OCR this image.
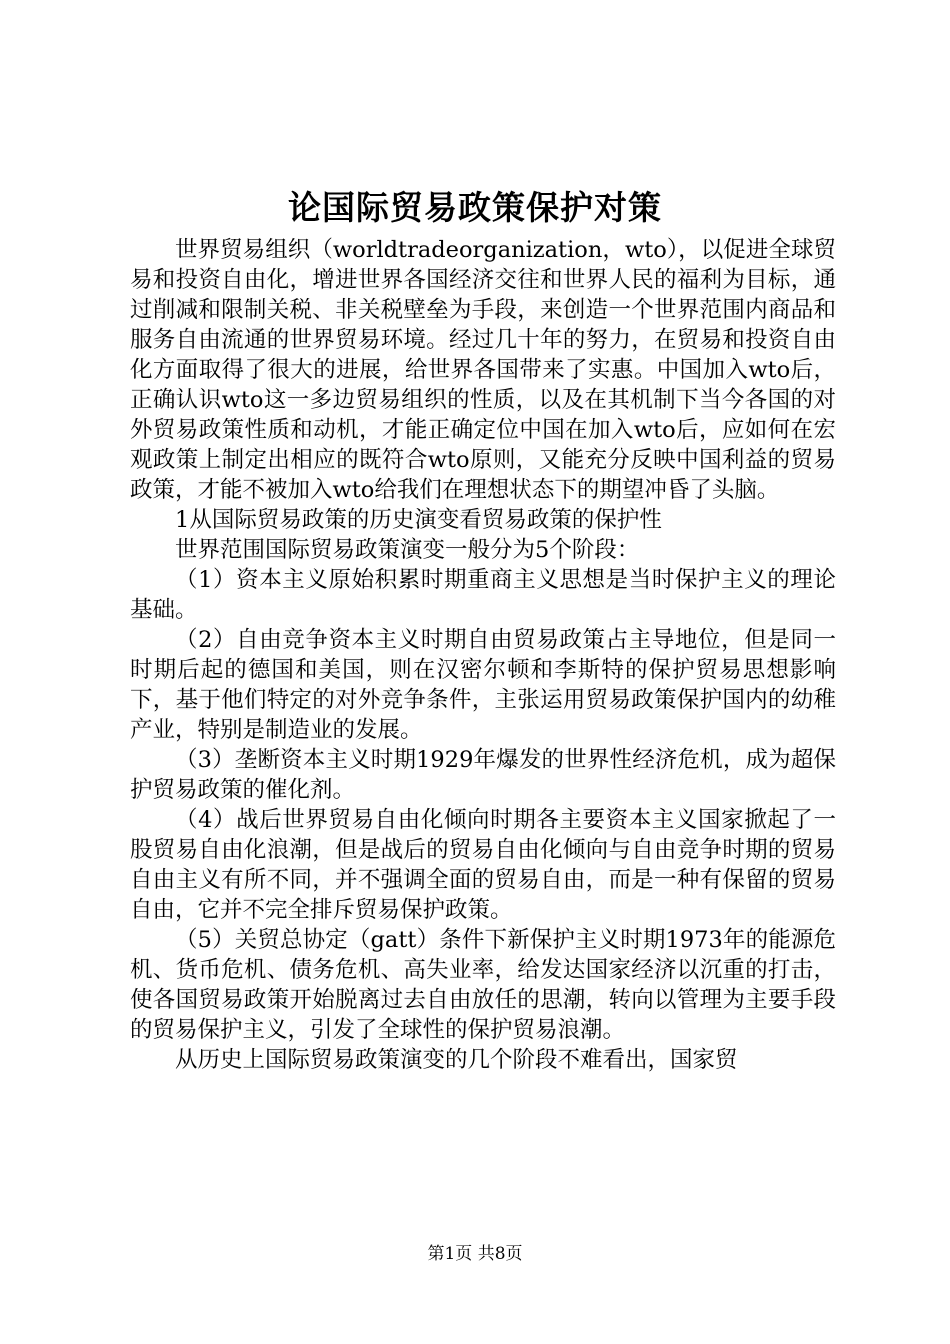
论国际贸易政策保护对策

世界贸易组织（worldtradeorganization，wto），以促进全球贸易和投资自由化，增进世界各国经济交往和世界人民的福利为目标，通过削减和限制关税、非关税壁垒为手段，来创造一个世界范围内商品和服务自由流通的世界贸易环境。经过几十年的努力，在贸易和投资自由化方面取得了很大的进展，给世界各国带来了实惠。中国加入wto后，正确认识wto这一多边贸易组织的性质，以及在其机制下当今各国的对外贸易政策性质和动机，才能正确定位中国在加入wto后，应如何在宏观政策上制定出相应的既符合wto原则，又能充分反映中国利益的贸易政策，才能不被加入wto给我们在理想状态下的期望冲昏了头脑。

1从国际贸易政策的历史演变看贸易政策的保护性

世界范围国际贸易政策演变一般分为5个阶段：

（1）资本主义原始积累时期重商主义思想是当时保护主义的理论基础。

（2）自由竞争资本主义时期自由贸易政策占主导地位，但是同一时期后起的德国和美国，则在汉密尔顿和李斯特的保护贸易思想影响下，基于他们特定的对外竞争条件，主张运用贸易政策保护国内的幼稚产业，特别是制造业的发展。

（3）垄断资本主义时期1929年爆发的世界性经济危机，成为超保护贸易政策的催化剂。

（4）战后世界贸易自由化倾向时期各主要资本主义国家掀起了一股贸易自由化浪潮，但是战后的贸易自由化倾向与自由竞争时期的贸易自由主义有所不同，并不强调全面的贸易自由，而是一种有保留的贸易自由，它并不完全排斥贸易保护政策。

（5）关贸总协定（gatt）条件下新保护主义时期1973年的能源危机、货币危机、债务危机、高失业率，给发达国家经济以沉重的打击，使各国贸易政策开始脱离过去自由放任的思潮，转向以管理为主要手段的贸易保护主义，引发了全球性的保护贸易浪潮。

从历史上国际贸易政策演变的几个阶段不难看出，国家贸

第1页 共8页
